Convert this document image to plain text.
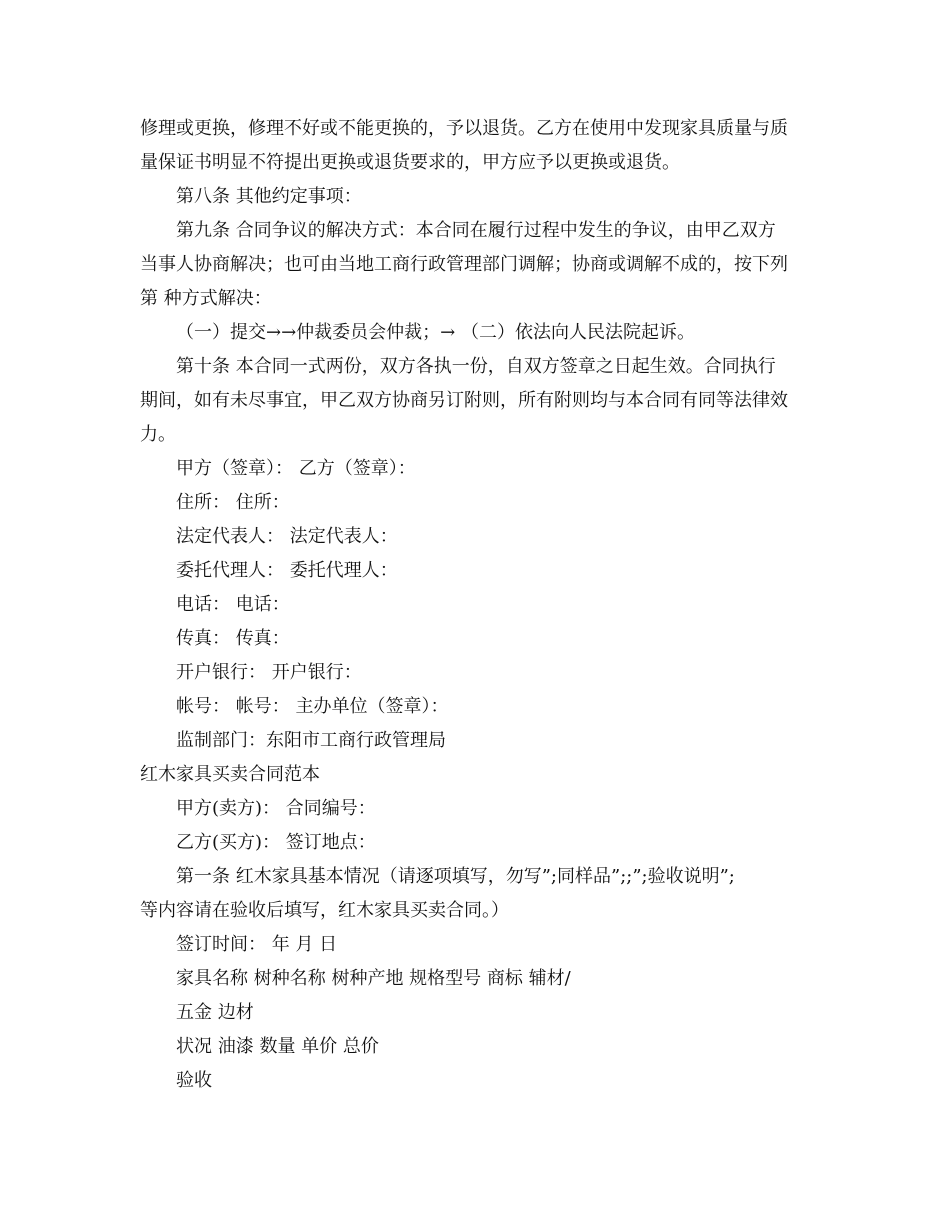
修理或更换，修理不好或不能更换的，予以退货。乙方在使用中发现家具质量与质

量保证书明显不符提出更换或退货要求的，甲方应予以更换或退货。

第八条 其他约定事项：

第九条 合同争议的解决方式：本合同在履行过程中发生的争议，由甲乙双方

当事人协商解决；也可由当地工商行政管理部门调解；协商或调解不成的，按下列

第 种方式解决：

（一）提交→→仲裁委员会仲裁；→ （二）依法向人民法院起诉。

第十条 本合同一式两份，双方各执一份，自双方签章之日起生效。合同执行

期间，如有未尽事宜，甲乙双方协商另订附则，所有附则均与本合同有同等法律效

力。

甲方（签章）： 乙方（签章）：

住所： 住所：

法定代表人： 法定代表人：

委托代理人： 委托代理人：

电话： 电话：

传真： 传真：

开户银行： 开户银行：

帐号： 帐号： 主办单位（签章）：

监制部门：东阳市工商行政管理局

红木家具买卖合同范本

甲方(卖方)： 合同编号：

乙方(买方)： 签订地点：

第一条 红木家具基本情况（请逐项填写，勿写”;同样品”;;”;验收说明”;

等内容请在验收后填写，红木家具买卖合同。）

签订时间： 年 月 日

家具名称 树种名称 树种产地 规格型号 商标 辅材/

五金 边材

状况 油漆 数量 单价 总价

验收
